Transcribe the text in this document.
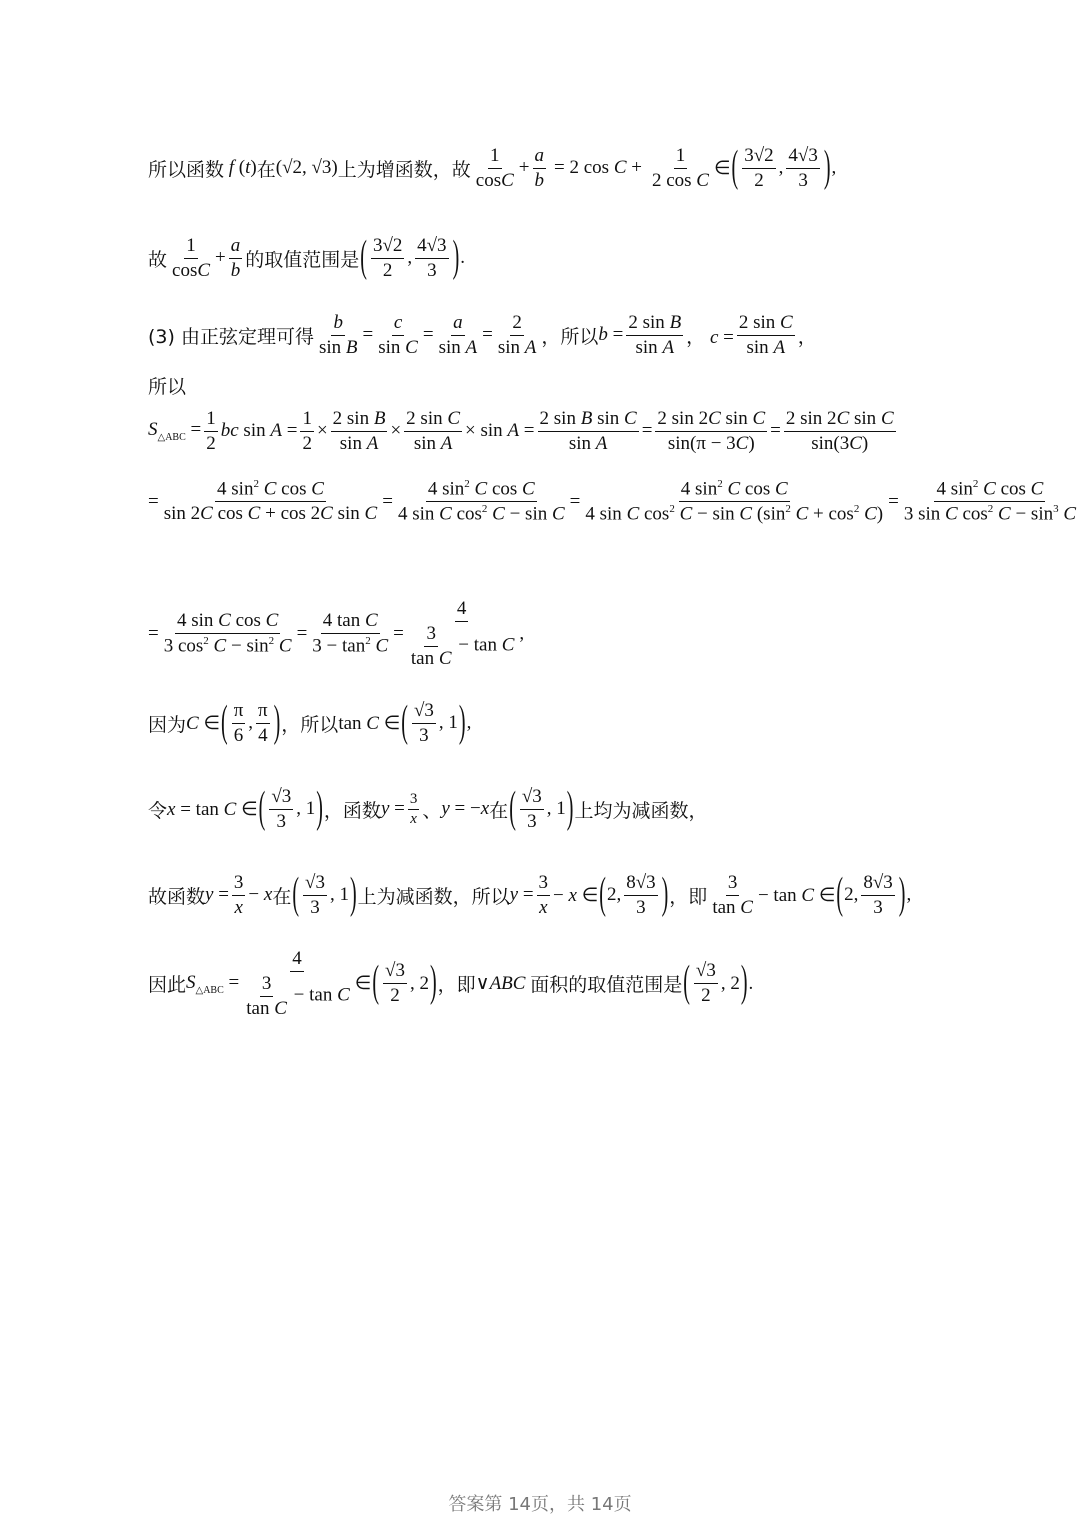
所以函数 f ( t ) 在 (√2, √3) 上为增函数，故 $\frac{1}{\cos C} + \frac{a}{b} = 2$ $\cos C + \frac{1}{\text{2 cos C}}$ ∈ ( $\frac{3√2}{2}$ , $\frac{4√3}{3}$ ) ,
故 $\frac{1}{\cos C} + \frac{a}{b}$ 的取值范围是 ( $\frac{3√2}{2}$ , $\frac{4√3}{3}$ ) .
(3) 由正弦定理可得 $\frac{b}{\text{sin B}} = \frac{c}{\text{sin C}} = \frac{a}{\text{sin A}} = \frac{2}{\text{sin A}}$ ，所以 $b = \frac{\text{2 sin B}}{\text{sin A}}$ ， $c = \frac{\text{2 sin C}}{\text{sin A}}$ ，
所以
$S_{\triangle ABC} = \frac{1}{2}$ bc $\sin A = \frac{1}{2} \times \frac{\text{2 sin B}}{\text{sin A}} \times \frac{\text{2 sin C}}{\text{sin A}} \times \sin A = \frac{\text{2 sin B sin C}}{\text{sin A}} = \frac{\text{2 sin 2C sin C}}{\sin(\pi - 3C)} = \frac{\text{2 sin 2C sin C}}{\sin(3C)}$
= $\frac{4 \sin^2 C \cos C}{\text{sin 2C cos C + cos 2C sin C}} = \frac{4 \sin^2 C \cos C}{4 \sin C \cos^2 C - \sin C} = \frac{4 \sin^2 C \cos C}{4 \sin C \cos^2 C - \sin C (\sin^2 C + \cos^2 C)} = \frac{4 \sin^2 C \cos C}{3 \sin C \cos^2 C - \sin^3 C}$
= $\frac{\text{4 sin C cos C}}{3 \cos^2 C - \sin^2 C} = \frac{\text{4 tan C}}{3 - \tan^2 C} = \frac{4}{\frac{3}{\text{tan C}} - \tan C}$ ,
因为 C ∈ ( $\frac{\pi}{6}$ , $\frac{\pi}{4}$ ) ，所以 tan C ∈ ( $\frac{√3}{3}$ , 1 ) ,
令 x = tan C ∈ ( $\frac{√3}{3}$ , 1 ) ，函数 $y = \frac{3}{x}$ 、 y = −x 在 ( $\frac{√3}{3}$ , 1 ) 上均为减函数，
故函数 $y = \frac{3}{x} - x$ 在 ( $\frac{√3}{3}$ , 1 ) 上为减函数，所以 $y = \frac{3}{x} - x$ ∈ ( 2, $\frac{8√3}{3}$ ) ，即 $\frac{3}{\text{tan C}} - \tan C$ ∈ ( 2, $\frac{8√3}{3}$ ) ,
因此 $S_{\triangle ABC} = \frac{4}{\frac{3}{\text{tan C}} - \tan C}$ ∈ ( $\frac{√3}{2}$ , 2 ) ，即 ∨ABC 面积的取值范围是 ( $\frac{√3}{2}$ , 2 ) .
答案第 14页，共 14页
